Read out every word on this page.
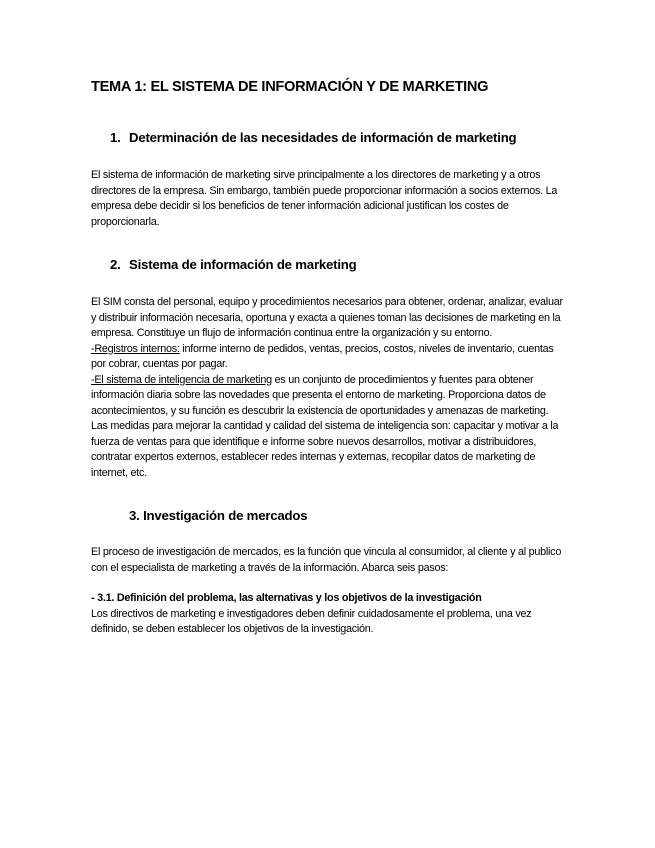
TEMA 1: EL SISTEMA DE INFORMACIÓN Y DE MARKETING
1. Determinación de las necesidades de información de marketing

El sistema de información de marketing sirve principalmente a los directores de marketing y a otros directores de la empresa. Sin embargo, también puede proporcionar información a socios externos. La empresa debe decidir si los beneficios de tener información adicional justifican los costes de proporcionarla.

2. Sistema de información de marketing
El SIM consta del personal, equipo y procedimientos necesarios para obtener, ordenar, analizar, evaluar y distribuir información necesaria, oportuna y exacta a quienes toman las decisiones de marketing en la empresa. Constituye un flujo de información continua entre la organización y su entorno.
-Registros internos: informe interno de pedidos, ventas, precios, costos, niveles de inventario, cuentas por cobrar, cuentas por pagar.
-El sistema de inteligencia de marketing es un conjunto de procedimientos y fuentes para obtener información diaria sobre las novedades que presenta el entorno de marketing. Proporciona datos de acontecimientos, y su función es descubrir la existencia de oportunidades y amenazas de marketing.
Las medidas para mejorar la cantidad y calidad del sistema de inteligencia son: capacitar y motivar a la fuerza de ventas para que identifique e informe sobre nuevos desarrollos, motivar a distribuidores, contratar expertos externos, establecer redes internas y externas, recopilar datos de marketing de internet, etc.
3. Investigación de mercados

El proceso de investigación de mercados, es la función que vincula al consumidor, al cliente y al publico con el especialista de marketing a través de la información. Abarca seis pasos:

- 3.1. Definición del problema, las alternativas y los objetivos de la investigación
Los directivos de marketing e investigadores deben definir cuidadosamente el problema, una vez definido, se deben establecer los objetivos de la investigación.
